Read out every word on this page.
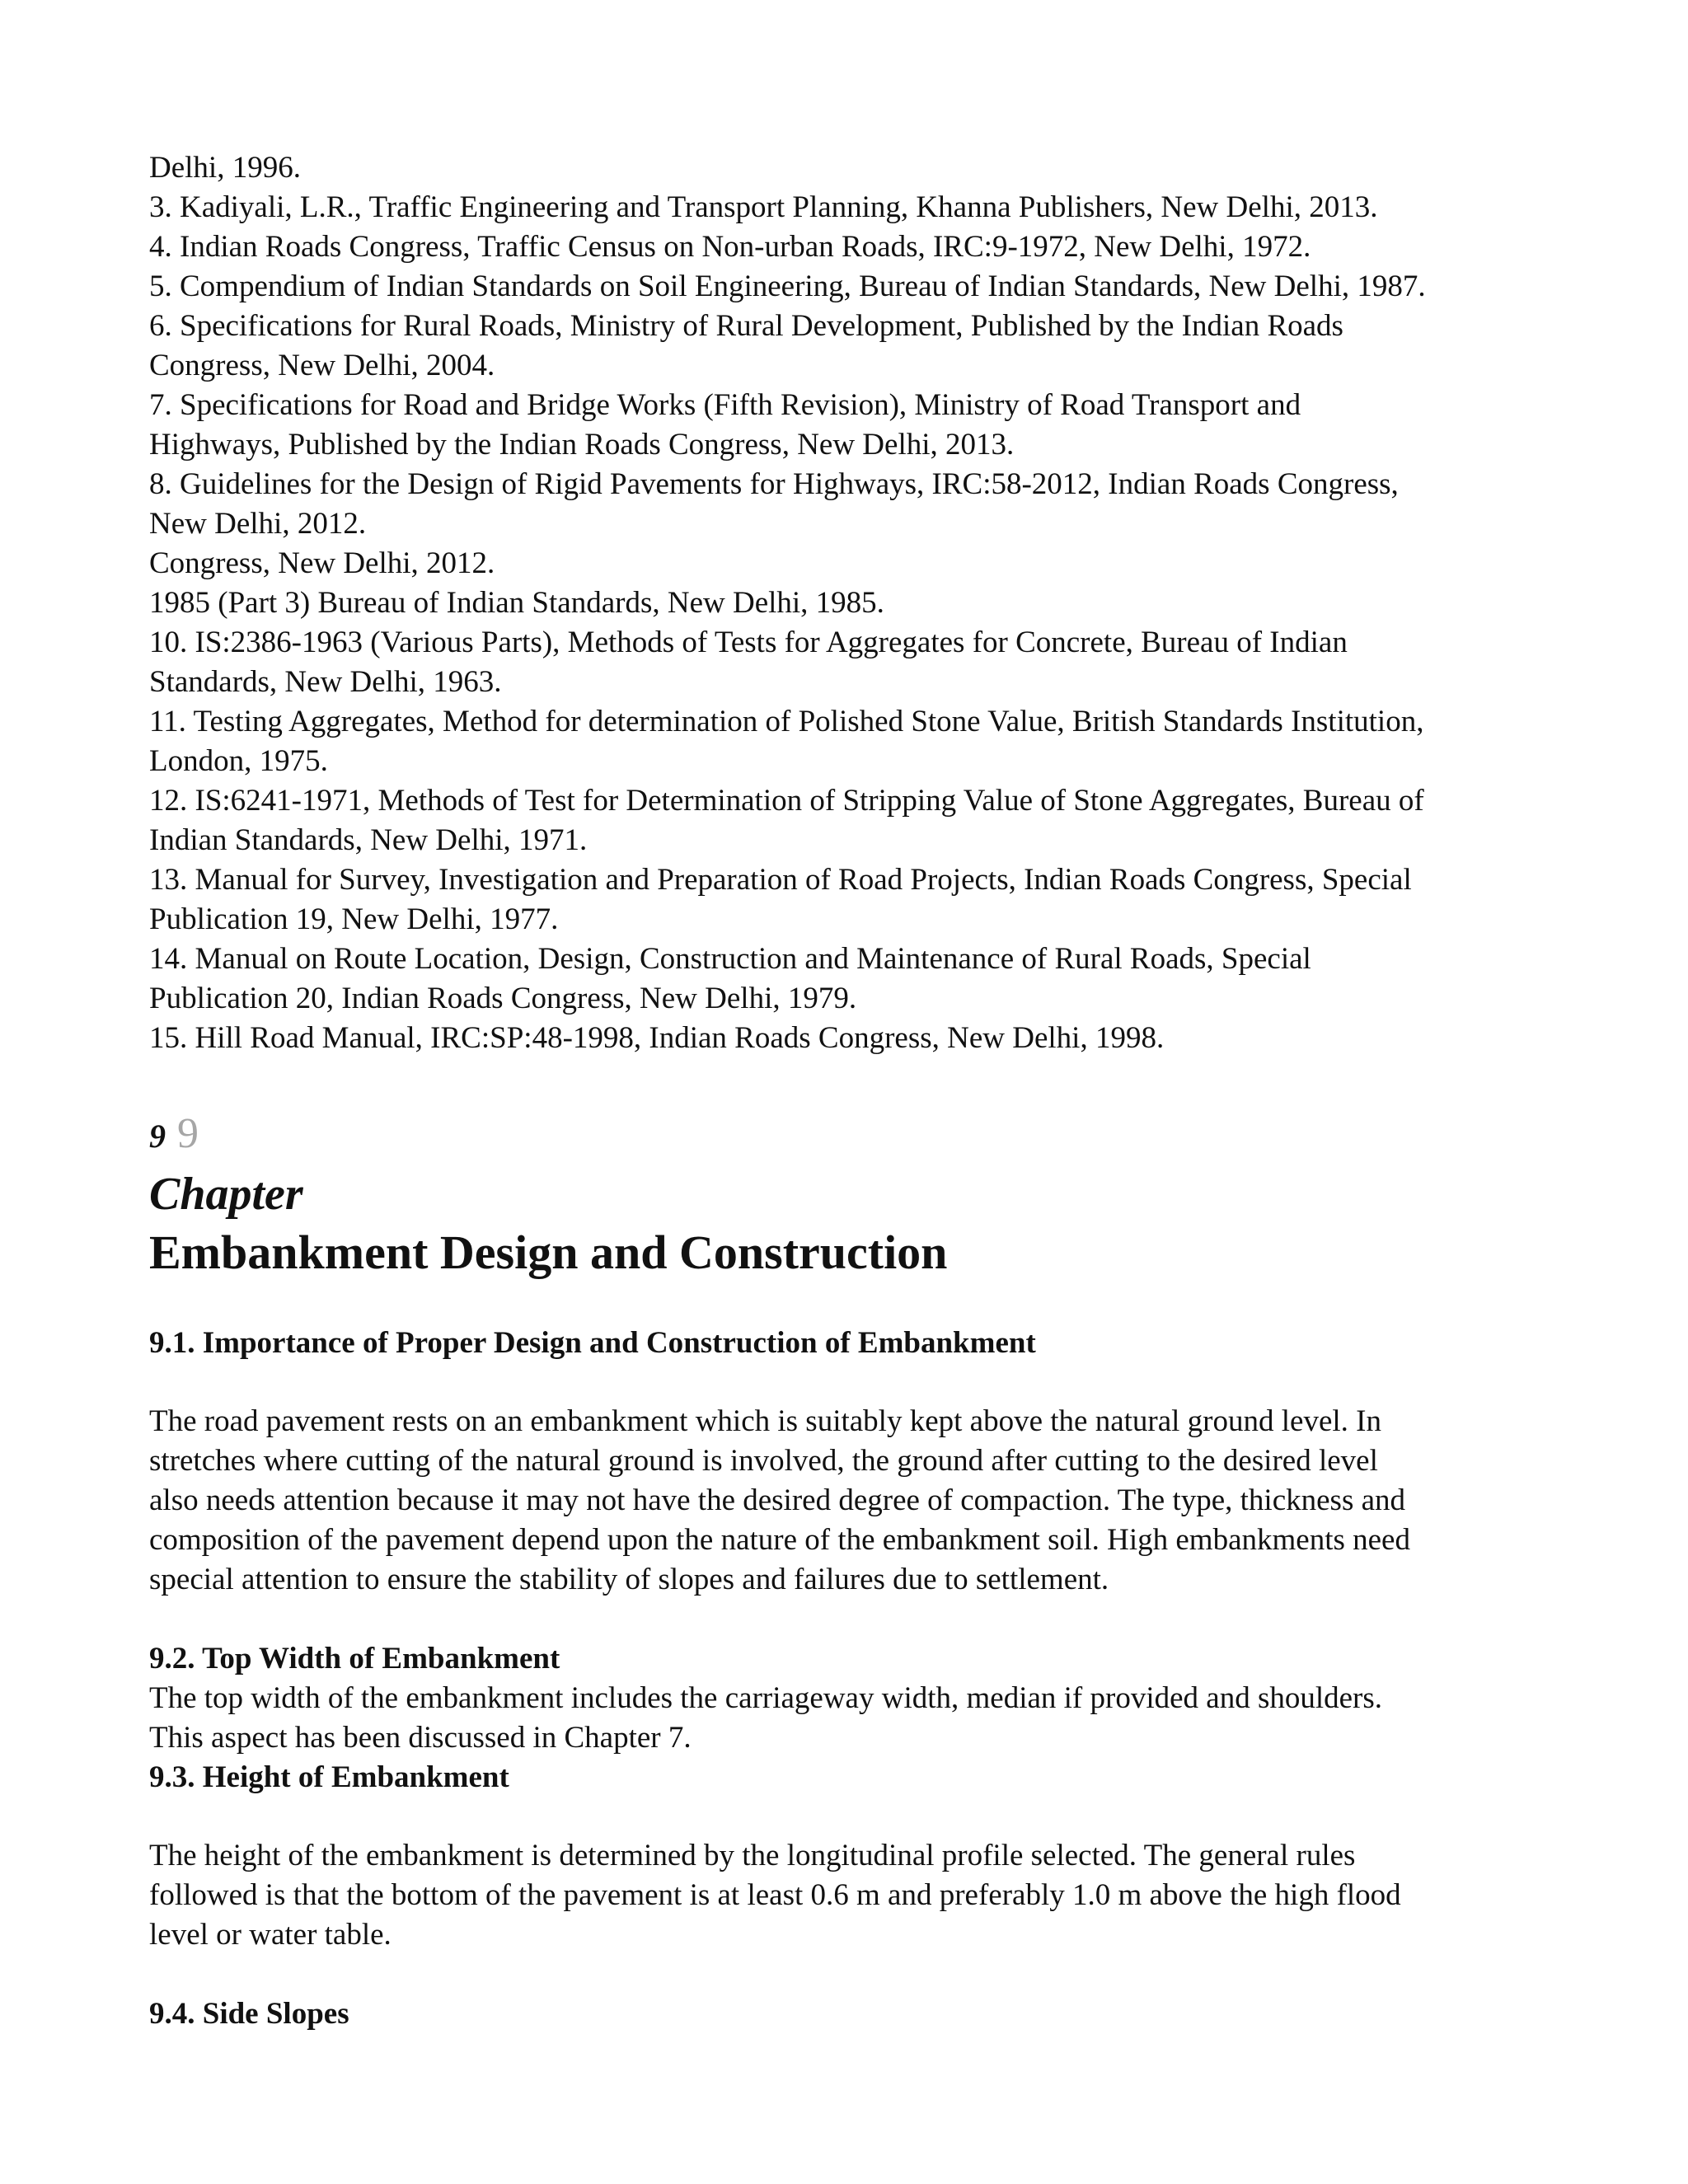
Delhi, 1996.

3. Kadiyali, L.R., Traffic Engineering and Transport Planning, Khanna Publishers, New Delhi, 2013.

4. Indian Roads Congress, Traffic Census on Non-urban Roads, IRC:9-1972, New Delhi, 1972.

5. Compendium of Indian Standards on Soil Engineering, Bureau of Indian Standards, New Delhi, 1987.

6. Specifications for Rural Roads, Ministry of Rural Development, Published by the Indian Roads

Congress, New Delhi, 2004.

7. Specifications for Road and Bridge Works (Fifth Revision), Ministry of Road Transport and

Highways, Published by the Indian Roads Congress, New Delhi, 2013.

8. Guidelines for the Design of Rigid Pavements for Highways, IRC:58-2012, Indian Roads Congress,

New Delhi, 2012.

Congress, New Delhi, 2012.

1985 (Part 3) Bureau of Indian Standards, New Delhi, 1985.

10. IS:2386-1963 (Various Parts), Methods of Tests for Aggregates for Concrete, Bureau of Indian

Standards, New Delhi, 1963.

11. Testing Aggregates, Method for determination of Polished Stone Value, British Standards Institution,

London, 1975.

12. IS:6241-1971, Methods of Test for Determination of Stripping Value of Stone Aggregates, Bureau of

Indian Standards, New Delhi, 1971.

13. Manual for Survey, Investigation and Preparation of Road Projects, Indian Roads Congress, Special

Publication 19, New Delhi, 1977.

14. Manual on Route Location, Design, Construction and Maintenance of Rural Roads, Special

Publication 20, Indian Roads Congress, New Delhi, 1979.

15. Hill Road Manual, IRC:SP:48-1998, Indian Roads Congress, New Delhi, 1998.

9 9

Chapter

Embankment Design and Construction
9.1. Importance of Proper Design and Construction of Embankment

The road pavement rests on an embankment which is suitably kept above the natural ground level. In

stretches where cutting of the natural ground is involved, the ground after cutting to the desired level

also needs attention because it may not have the desired degree of compaction. The type, thickness and

composition of the pavement depend upon the nature of the embankment soil. High embankments need

special attention to ensure the stability of slopes and failures due to settlement.

9.2. Top Width of Embankment

The top width of the embankment includes the carriageway width, median if provided and shoulders.

This aspect has been discussed in Chapter 7.

9.3. Height of Embankment

The height of the embankment is determined by the longitudinal profile selected. The general rules

followed is that the bottom of the pavement is at least 0.6 m and preferably 1.0 m above the high flood

level or water table.

9.4. Side Slopes
